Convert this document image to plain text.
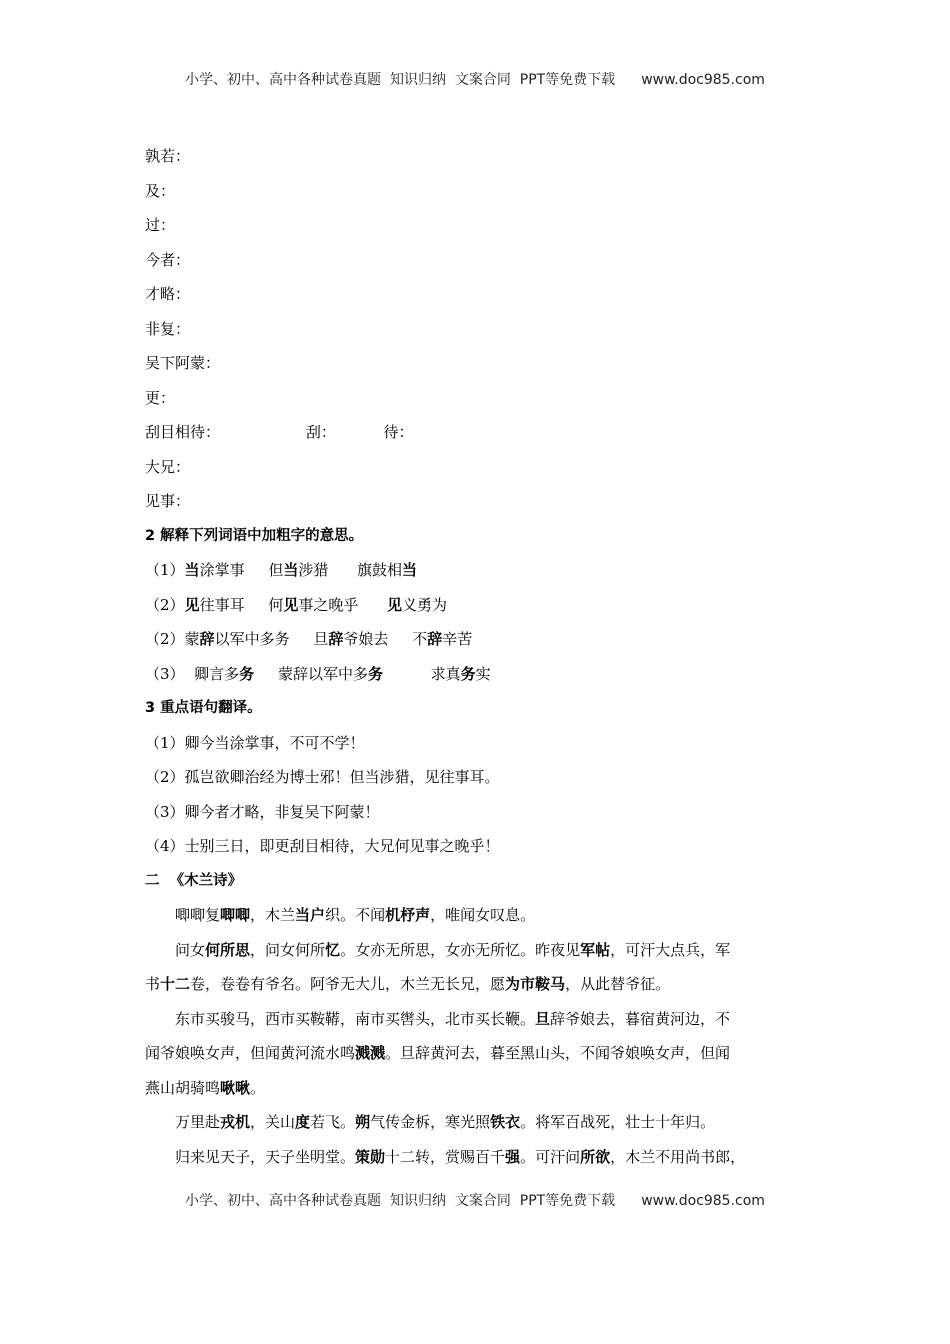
小学、初中、高中各种试卷真题  知识归纳  文案合同  PPT等免费下载 www.doc985.com
孰若：
及：
过：
今者：
才略：
非复：
吴下阿蒙：
更：
刮目相待：                  刮：          待：
大兄：
见事：
2 解释下列词语中加粗字的意思。
（1）当涂掌事     但当涉猎      旗鼓相当
（2）见往事耳     何见事之晚乎      见义勇为
（2）蒙辞以军中多务     旦辞爷娘去     不辞辛苦
（3）  卿言多务     蒙辞以军中多务          求真务实
3 重点语句翻译。
（1）卿今当涂掌事，不可不学！
（2）孤岂欲卿治经为博士邪！但当涉猎，见往事耳。
（3）卿今者才略，非复吴下阿蒙！
（4）士别三日，即更刮目相待，大兄何见事之晚乎！
二  《木兰诗》
唧唧复唧唧，木兰当户织。不闻机杼声，唯闻女叹息。
问女何所思，问女何所忆。女亦无所思，女亦无所忆。昨夜见军帖，可汗大点兵，军
书十二卷，卷卷有爷名。阿爷无大儿，木兰无长兄，愿为市鞍马，从此替爷征。
东市买骏马，西市买鞍鞯，南市买辔头，北市买长鞭。旦辞爷娘去，暮宿黄河边，不
闻爷娘唤女声，但闻黄河流水鸣溅溅。旦辞黄河去，暮至黑山头，不闻爷娘唤女声，但闻
燕山胡骑鸣啾啾。
万里赴戎机，关山度若飞。朔气传金柝，寒光照铁衣。将军百战死，壮士十年归。
归来见天子，天子坐明堂。策勋十二转，赏赐百千强。可汗问所欲，木兰不用尚书郎，
小学、初中、高中各种试卷真题  知识归纳  文案合同  PPT等免费下载 www.doc985.com
